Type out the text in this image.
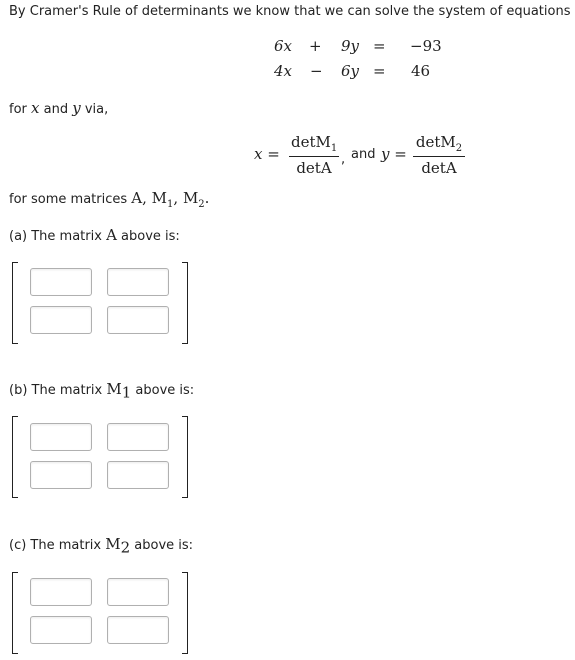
By Cramer's Rule of determinants we know that we can solve the system of equations
6x + 9y = −93
4x − 6y = 46
for x and y via,
x =
detM$_1$
detA , and y =
detM$_2$
detA
for some matrices A, $M_1$, $M_2$.
(a) The matrix A above is:
(b) The matrix $M_1$ above is:
(c) The matrix $M_2$ above is:
